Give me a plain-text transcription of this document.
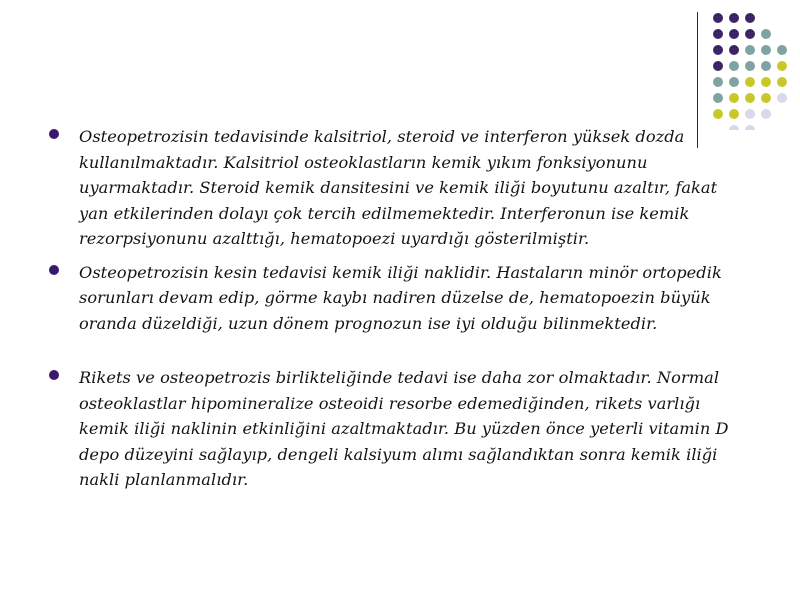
Osteopetrozisin tedavisinde kalsitriol, steroid ve interferon yüksek dozda kullanılmaktadır. Kalsitriol osteoklastların kemik yıkım fonksiyonunu uyarmaktadır. Steroid kemik dansitesini ve kemik iliği boyutunu azaltır, fakat yan etkilerinden dolayı çok tercih edilmemektedir. Interferonun ise kemik rezorpsiyonunu azalttığı, hematopoezi uyardığı gösterilmiştir.

Osteopetrozisin kesin tedavisi kemik iliği naklidir. Hastaların minör ortopedik sorunları devam edip, görme kaybı nadiren düzelse de, hematopoezin büyük oranda düzeldiği, uzun dönem prognozun ise iyi olduğu bilinmektedir.

Rikets ve osteopetrozis birlikteliğinde tedavi ise daha zor olmaktadır. Normal osteoklastlar hipomineralize osteoidi resorbe edemediğinden, rikets varlığı kemik iliği naklinin etkinliğini azaltmaktadır. Bu yüzden önce yeterli vitamin D depo düzeyini sağlayıp, dengeli kalsiyum alımı sağlandıktan sonra kemik iliği nakli planlanmalıdır.
